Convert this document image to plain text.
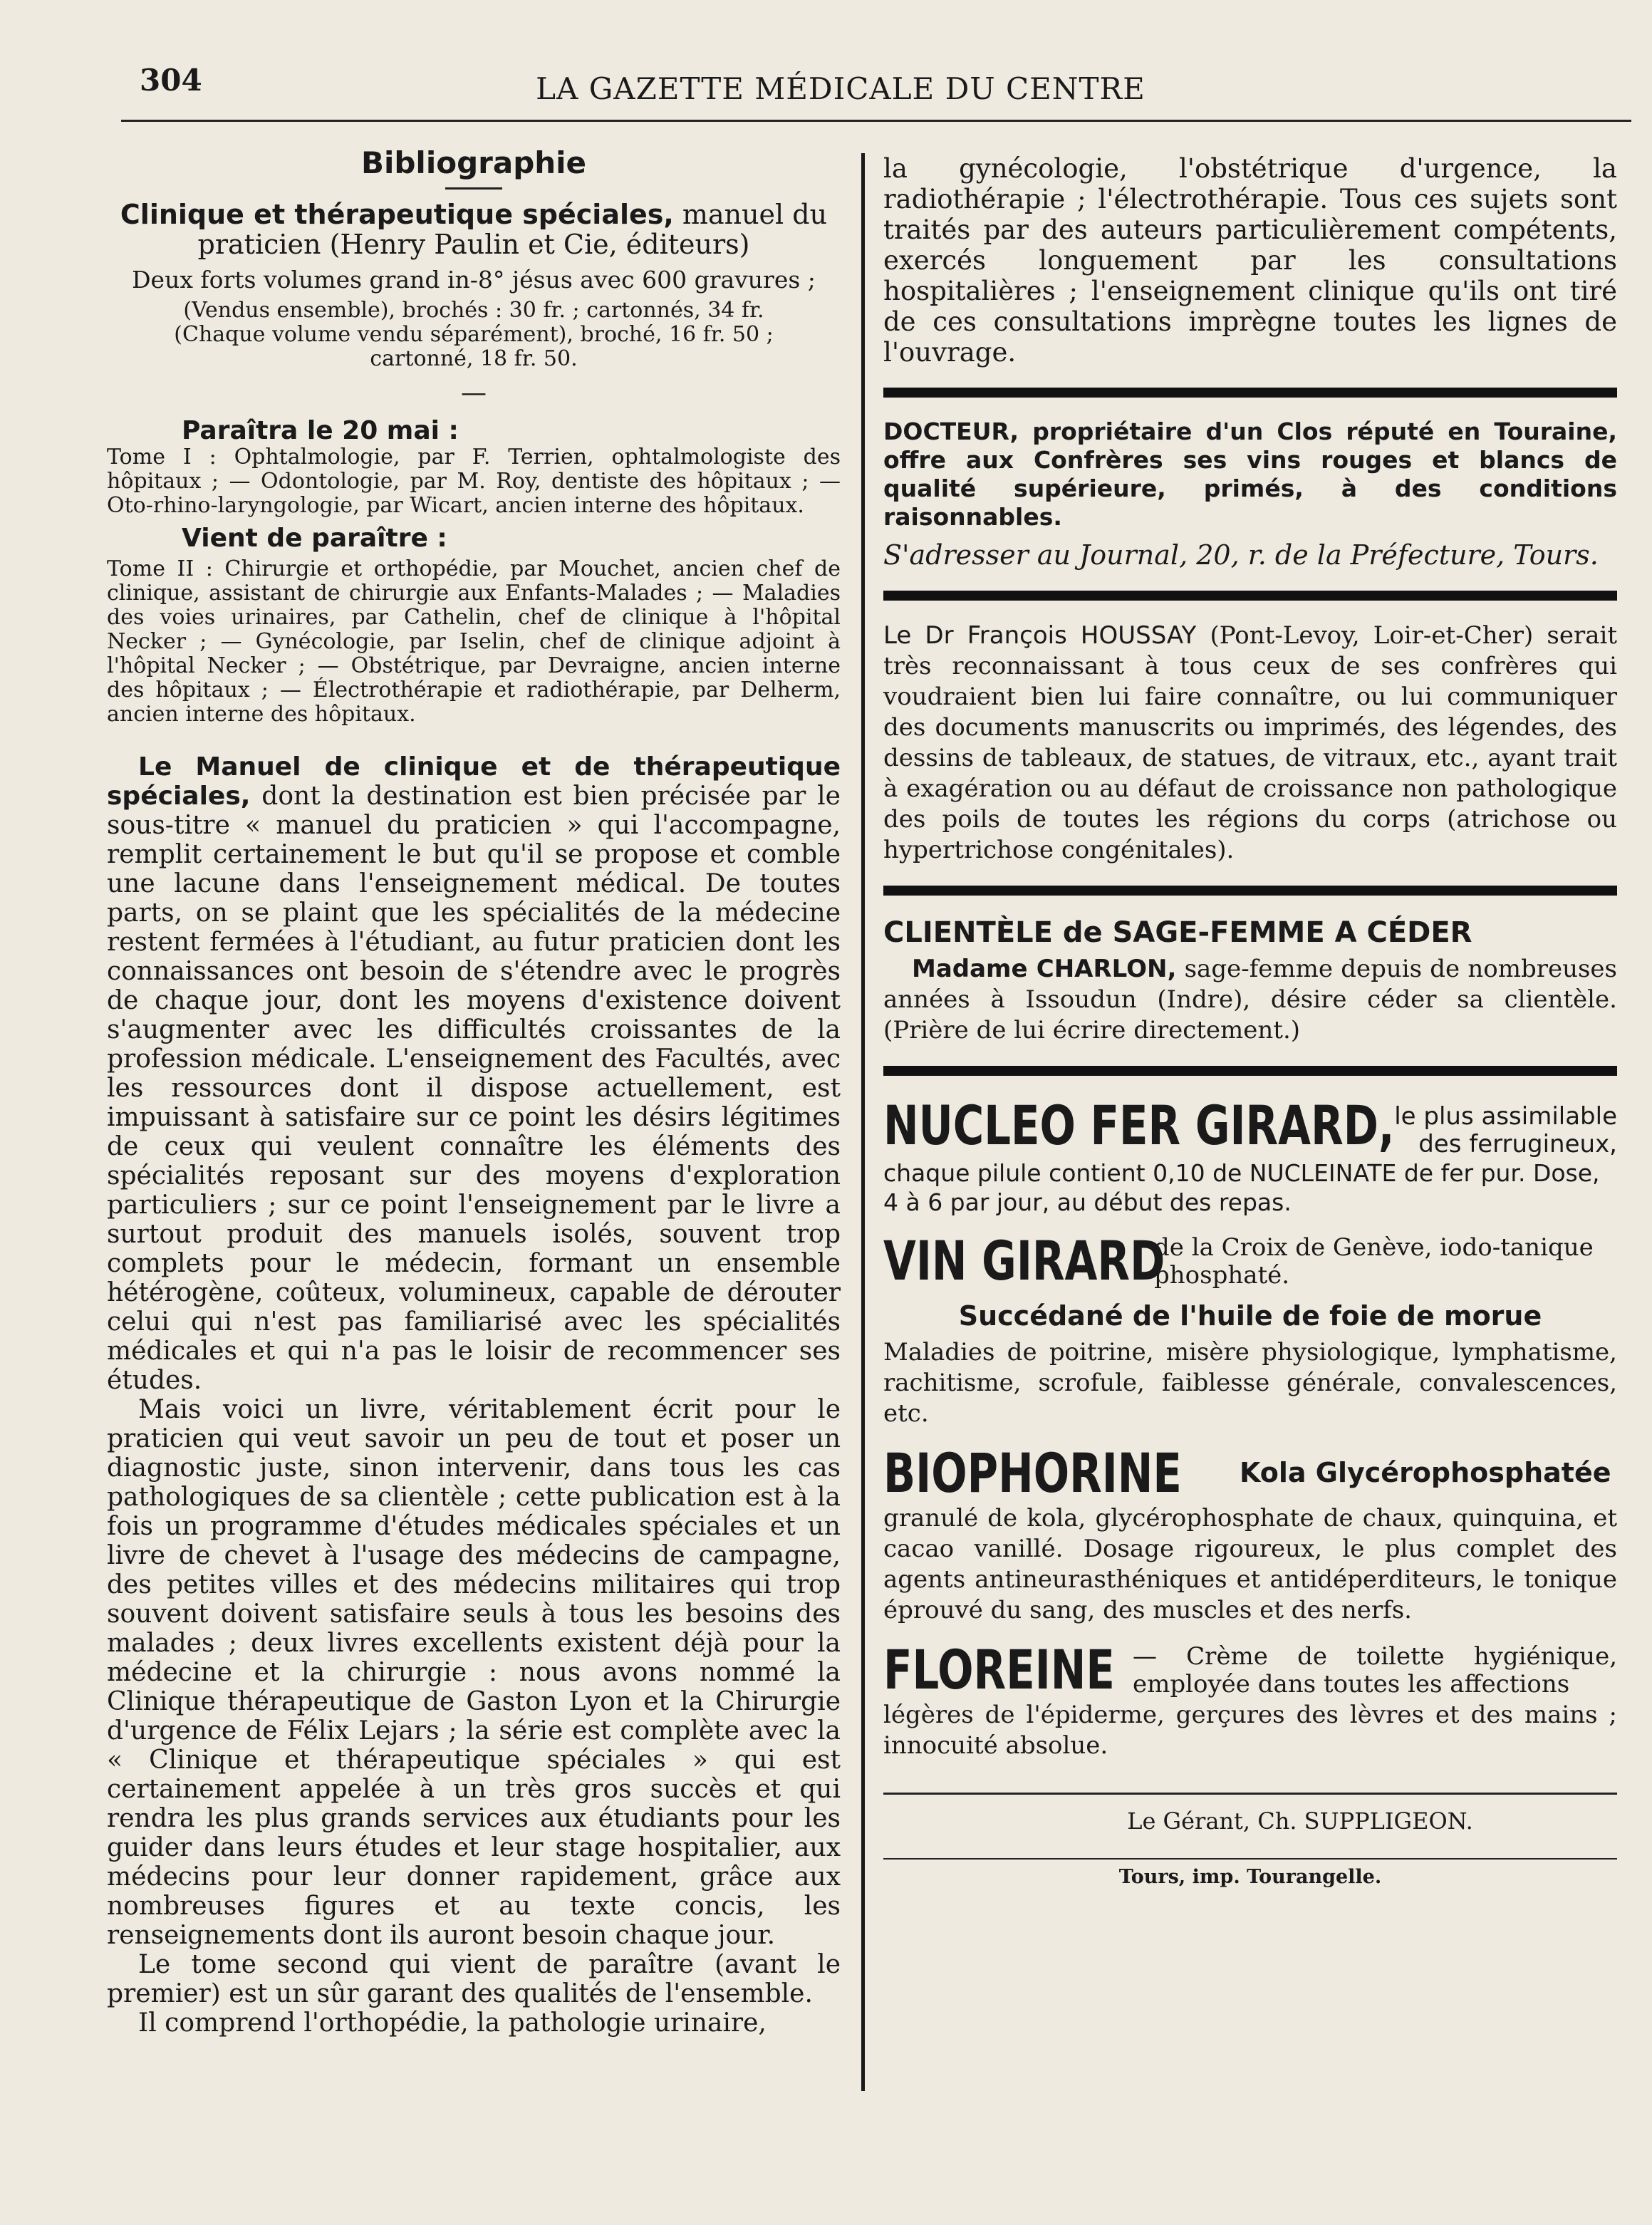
304	LA GAZETTE MÉDICALE DU CENTRE

Bibliographie

Clinique et thérapeutique spéciales, manuel du praticien (Henry Paulin et Cie, éditeurs)

Deux forts volumes grand in-8° jésus avec 600 gravures ;

(Vendus ensemble), brochés : 30 fr. ; cartonnés, 34 fr.

(Chaque volume vendu séparément), broché, 16 fr. 50 ;

cartonné, 18 fr. 50.

—

Paraîtra le 20 mai :

Tome I : Ophtalmologie, par F. Terrien, ophtalmologiste des hôpitaux ; — Odontologie, par M. Roy, dentiste des hôpitaux ; — Oto-rhino-laryngologie, par Wicart, ancien interne des hôpitaux.

Vient de paraître :

Tome II : Chirurgie et orthopédie, par Mouchet, ancien chef de clinique, assistant de chirurgie aux Enfants-Malades ; — Maladies des voies urinaires, par Cathelin, chef de clinique à l'hôpital Necker ; — Gynécologie, par Iselin, chef de clinique adjoint à l'hôpital Necker ; — Obstétrique, par Devraigne, ancien interne des hôpitaux ; — Électrothérapie et radiothérapie, par Delherm, ancien interne des hôpitaux.

Le Manuel de clinique et de thérapeutique spéciales, dont la destination est bien précisée par le sous-titre « manuel du praticien » qui l'accompagne, remplit certainement le but qu'il se propose et comble une lacune dans l'enseignement médical. De toutes parts, on se plaint que les spécialités de la médecine restent fermées à l'étudiant, au futur praticien dont les connaissances ont besoin de s'étendre avec le progrès de chaque jour, dont les moyens d'existence doivent s'augmenter avec les difficultés croissantes de la profession médicale. L'enseignement des Facultés, avec les ressources dont il dispose actuellement, est impuissant à satisfaire sur ce point les désirs légitimes de ceux qui veulent connaître les éléments des spécialités reposant sur des moyens d'exploration particuliers ; sur ce point l'enseignement par le livre a surtout produit des manuels isolés, souvent trop complets pour le médecin, formant un ensemble hétérogène, coûteux, volumineux, capable de dérouter celui qui n'est pas familiarisé avec les spécialités médicales et qui n'a pas le loisir de recommencer ses études.

Mais voici un livre, véritablement écrit pour le praticien qui veut savoir un peu de tout et poser un diagnostic juste, sinon intervenir, dans tous les cas pathologiques de sa clientèle ; cette publication est à la fois un programme d'études médicales spéciales et un livre de chevet à l'usage des médecins de campagne, des petites villes et des médecins militaires qui trop souvent doivent satisfaire seuls à tous les besoins des malades ; deux livres excellents existent déjà pour la médecine et la chirurgie : nous avons nommé la Clinique thérapeutique de Gaston Lyon et la Chirurgie d'urgence de Félix Lejars ; la série est complète avec la « Clinique et thérapeutique spéciales » qui est certainement appelée à un très gros succès et qui rendra les plus grands services aux étudiants pour les guider dans leurs études et leur stage hospitalier, aux médecins pour leur donner rapidement, grâce aux nombreuses figures et au texte concis, les renseignements dont ils auront besoin chaque jour.

Le tome second qui vient de paraître (avant le premier) est un sûr garant des qualités de l'ensemble.

Il comprend l'orthopédie, la pathologie urinaire,

la gynécologie, l'obstétrique d'urgence, la radiothérapie ; l'électrothérapie. Tous ces sujets sont traités par des auteurs particulièrement compétents, exercés longuement par les consultations hospitalières ; l'enseignement clinique qu'ils ont tiré de ces consultations imprègne toutes les lignes de l'ouvrage.

DOCTEUR, propriétaire d'un Clos réputé en Touraine, offre aux Confrères ses vins rouges et blancs de qualité supérieure, primés, à des conditions raisonnables.

S'adresser au Journal, 20, r. de la Préfecture, Tours.

Le Dr François HOUSSAY (Pont-Levoy, Loir-et-Cher) serait très reconnaissant à tous ceux de ses confrères qui voudraient bien lui faire connaître, ou lui communiquer des documents manuscrits ou imprimés, des légendes, des dessins de tableaux, de statues, de vitraux, etc., ayant trait à exagération ou au défaut de croissance non pathologique des poils de toutes les régions du corps (atrichose ou hypertrichose congénitales).

CLIENTÈLE de SAGE-FEMME A CÉDER

Madame CHARLON, sage-femme depuis de nombreuses années à Issoudun (Indre), désire céder sa clientèle. (Prière de lui écrire directement.)

NUCLEO FER GIRARD, le plus assimilable des ferrugineux,

chaque pilule contient 0,10 de NUCLEINATE de fer pur. Dose, 4 à 6 par jour, au début des repas.

VIN GIRARD
de la Croix de Genève, iodo-tanique phosphaté.

Succédané de l'huile de foie de morue

Maladies de poitrine, misère physiologique, lymphatisme, rachitisme, scrofule, faiblesse générale, convalescences, etc.

BIOPHORINE	Kola Glycérophosphatée

granulé de kola, glycérophosphate de chaux, quinquina, et cacao vanillé. Dosage rigoureux, le plus complet des agents antineurasthéniques et antidéperditeurs, le tonique éprouvé du sang, des muscles et des nerfs.

FLOREINE — Crème de toilette hygiénique, employée dans toutes les affections

légères de l'épiderme, gerçures des lèvres et des mains ; innocuité absolue.

Le Gérant, Ch. SUPPLIGEON.

Tours, imp. Tourangelle.
